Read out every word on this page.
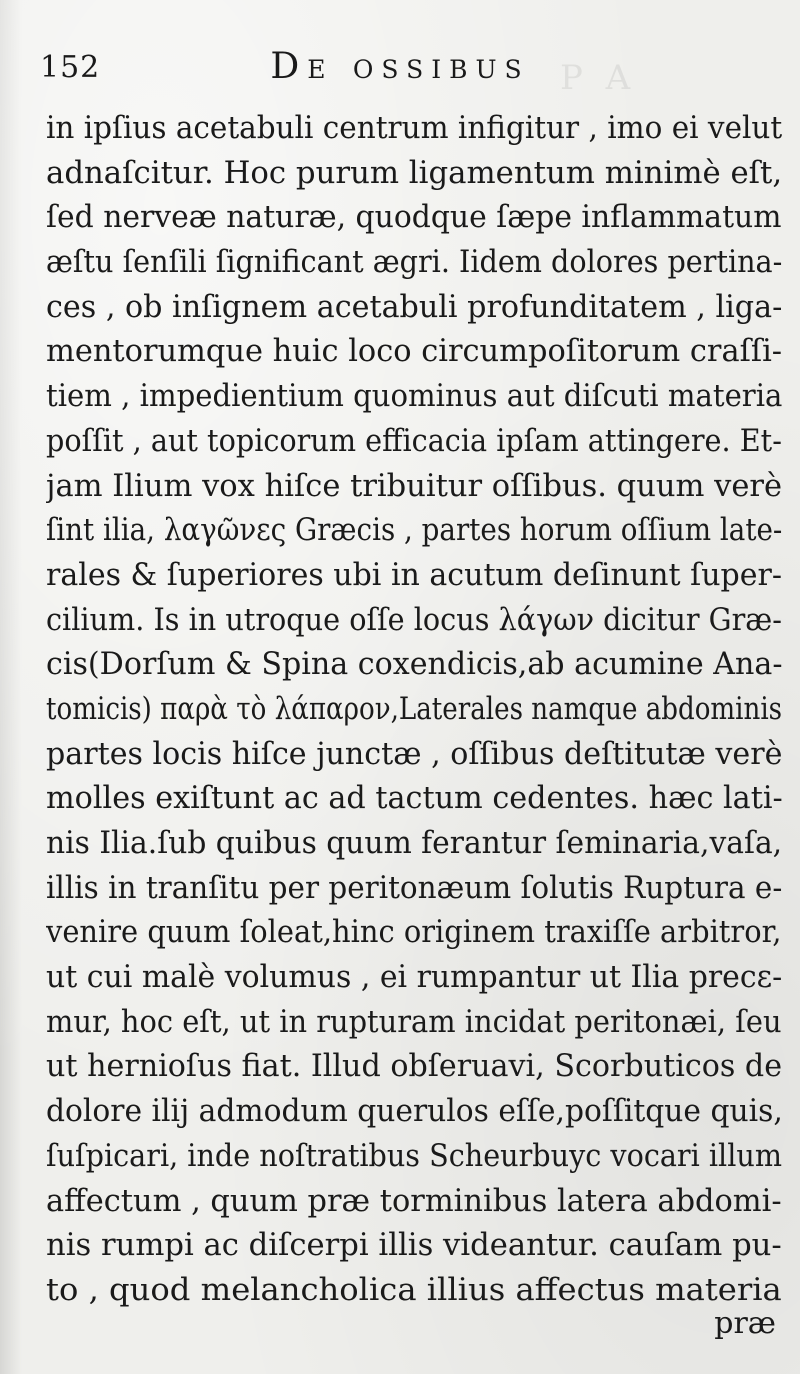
P A
152	De ossibus
in ipſius acetabuli centrum infigitur , imo ei velut
adnaſcitur. Hoc purum ligamentum minimè eſt,
ſed nerveæ naturæ, quodque ſæpe inflammatum
æſtu ſenſili ſignificant ægri. Iidem dolores pertina-
ces , ob inſignem acetabuli profunditatem , liga-
mentorumque huic loco circumpoſitorum craſſi-
tiem , impedientium quominus aut diſcuti materia
poſſit , aut topicorum efficacia ipſam attingere. Et-
jam Ilium vox hiſce tribuitur oſſibus. quum verè
ſint ilia, λαγῶνες Græcis , partes horum oſſium late-
rales & ſuperiores ubi in acutum deſinunt ſuper-
cilium. Is in utroque oſſe locus λάγων dicitur Græ-
cis(Dorſum & Spina coxendicis,ab acumine Ana-
tomicis) παρὰ τὸ λάπαρον,Laterales namque abdominis
partes locis hiſce junctæ , oſſibus deſtitutæ verè
molles exiſtunt ac ad tactum cedentes. hæc lati-
nis Ilia.ſub quibus quum ferantur ſeminaria,vaſa,
illis in tranſitu per peritonæum ſolutis Ruptura e-
venire quum ſoleat,hinc originem traxiſſe arbitror,
ut cui malè volumus , ei rumpantur ut Ilia precε-
mur, hoc eſt, ut in rupturam incidat peritonæi, ſeu
ut hernioſus fiat. Illud obſeruavi, Scorbuticos de
dolore ilij admodum querulos eſſe,poſſitque quis,
ſuſpicari, inde noſtratibus Scheurbuyc vocari illum
affectum , quum præ torminibus latera abdomi-
nis rumpi ac diſcerpi illis videantur. cauſam pu-
to , quod melancholica illius affectus materia
præ
